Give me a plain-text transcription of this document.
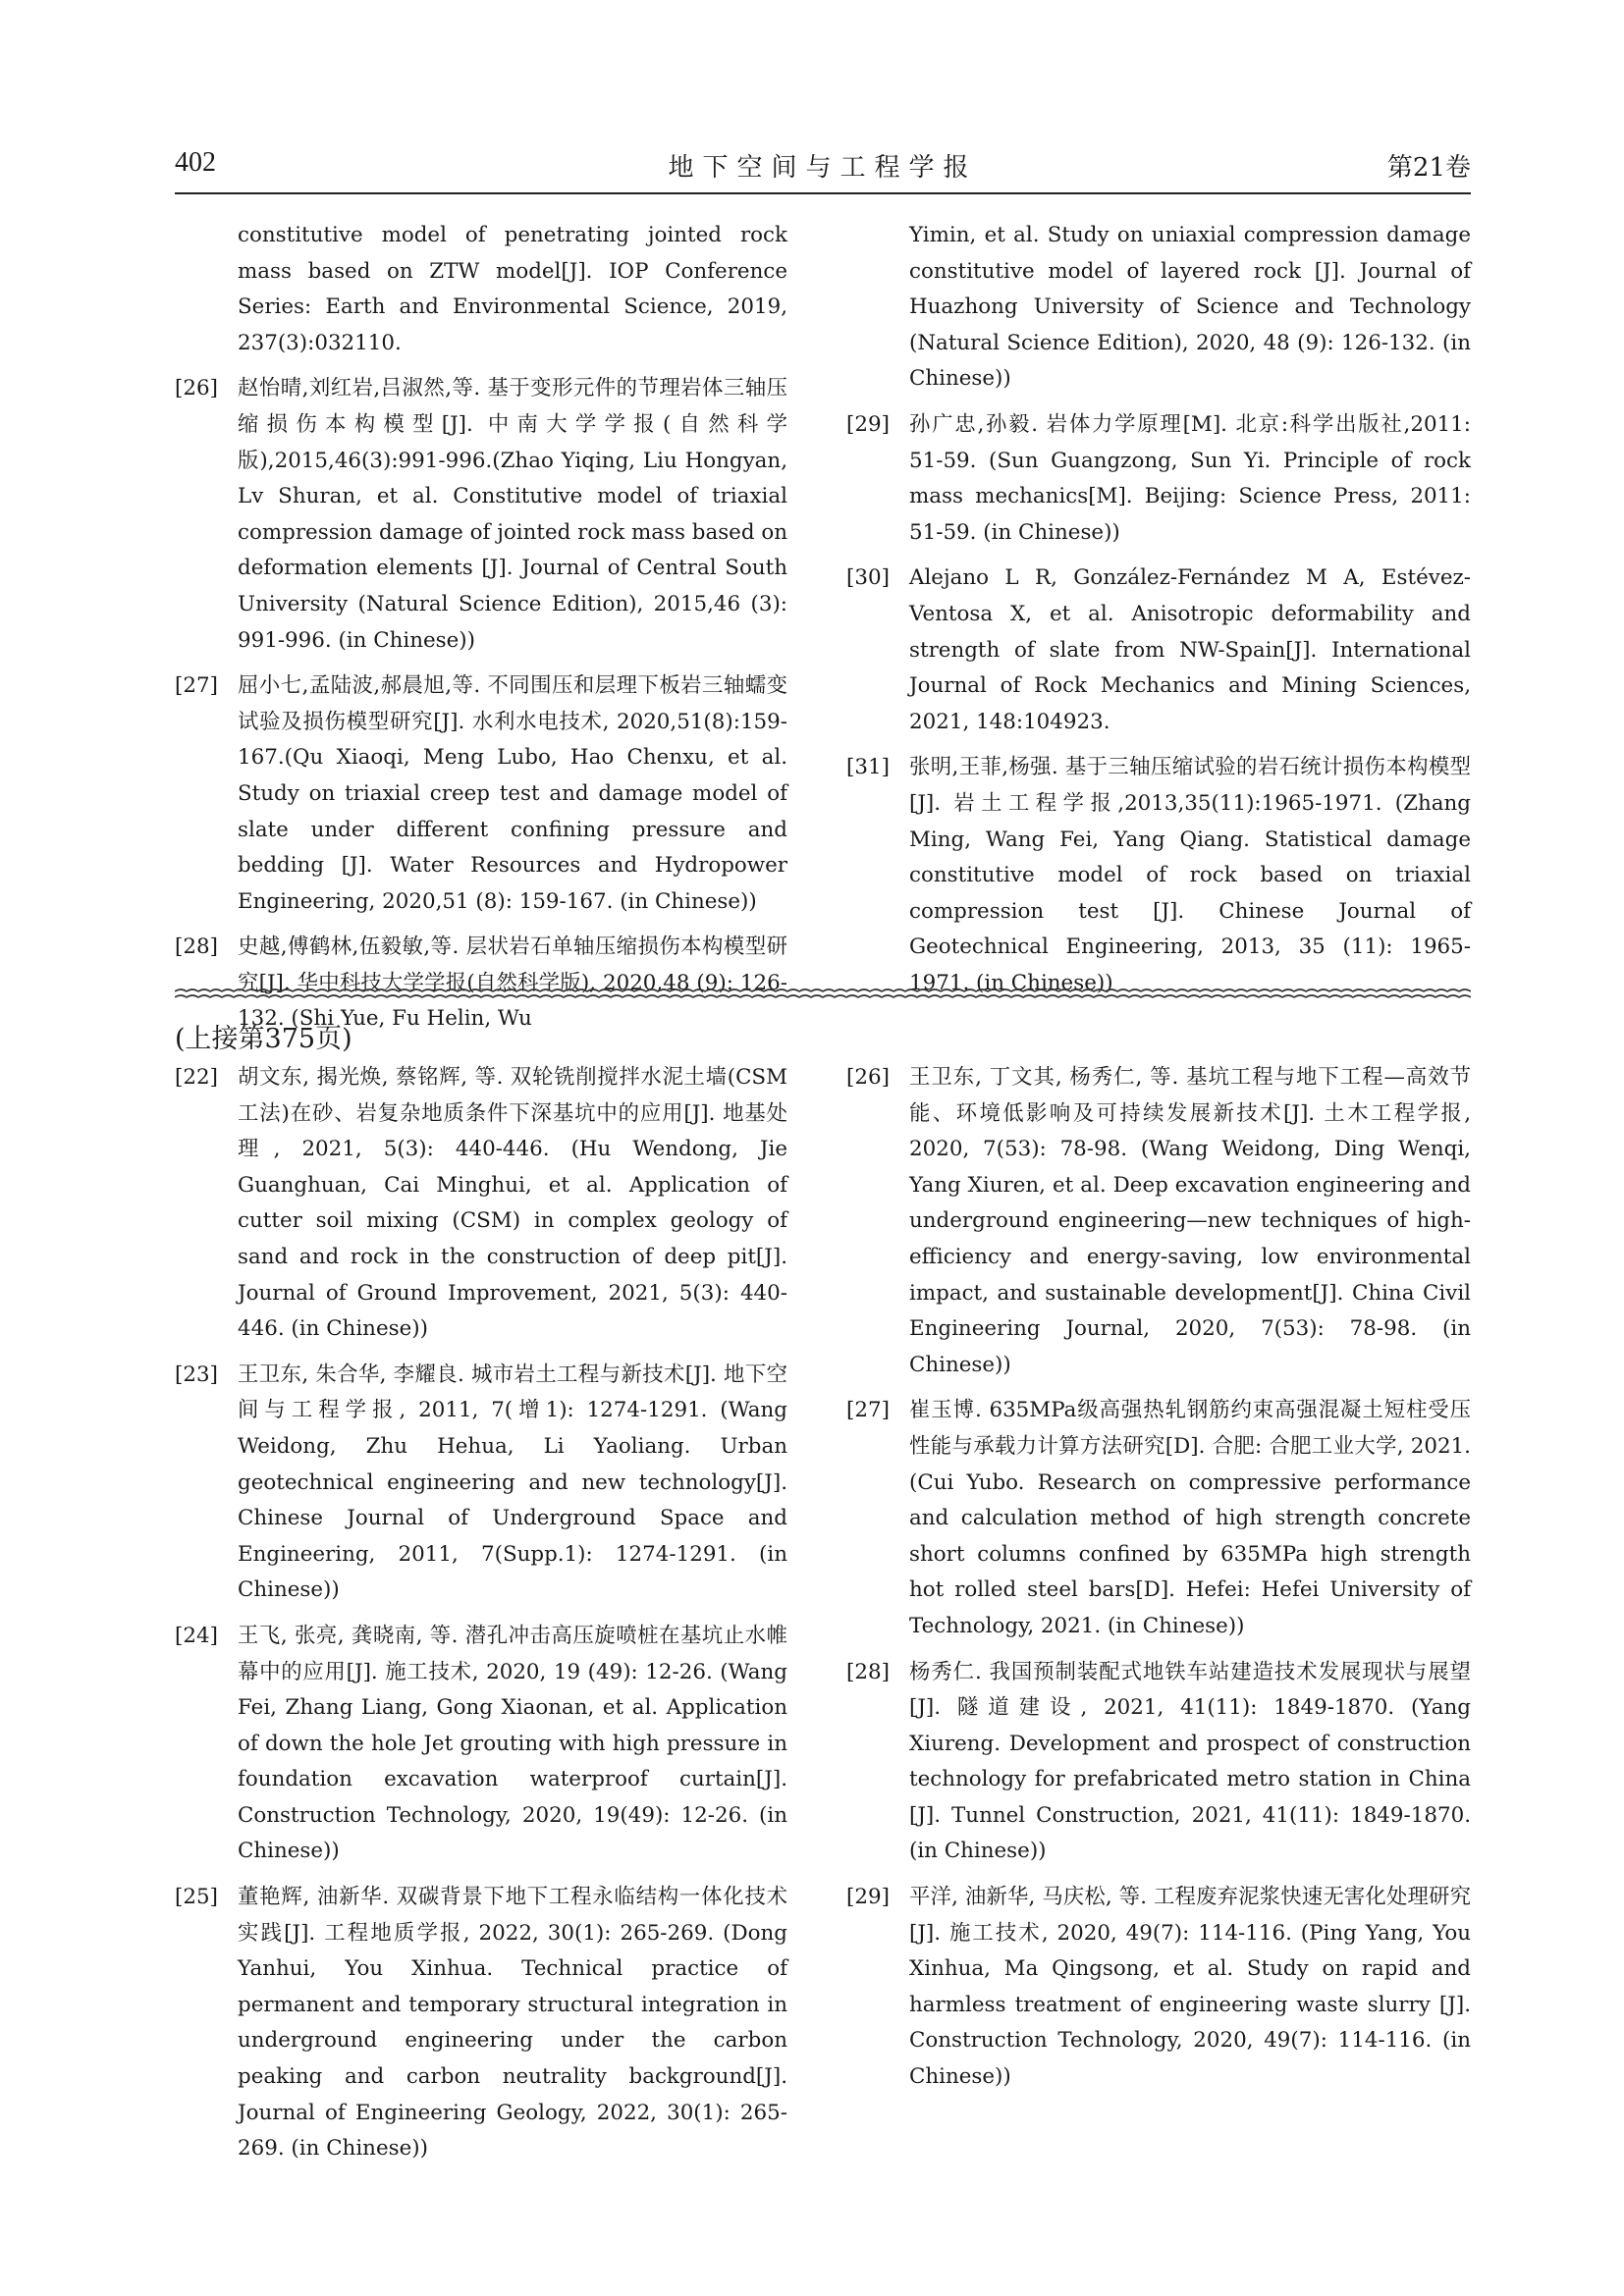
402	地下空间与工程学报	第21卷
constitutive model of penetrating jointed rock mass based on ZTW model[J]. IOP Conference Series: Earth and Environmental Science, 2019, 237(3):032110.
[26] 赵怡晴,刘红岩,吕淑然,等. 基于变形元件的节理岩体三轴压缩损伤本构模型[J]. 中南大学学报(自然科学版),2015,46(3):991-996.(Zhao Yiqing, Liu Hongyan, Lv Shuran, et al. Constitutive model of triaxial compression damage of jointed rock mass based on deformation elements [J]. Journal of Central South University (Natural Science Edition), 2015,46 (3): 991-996. (in Chinese))
[27] 屈小七,孟陆波,郝晨旭,等. 不同围压和层理下板岩三轴蠕变试验及损伤模型研究[J]. 水利水电技术, 2020,51(8):159-167.(Qu Xiaoqi, Meng Lubo, Hao Chenxu, et al. Study on triaxial creep test and damage model of slate under different confining pressure and bedding [J]. Water Resources and Hydropower Engineering, 2020,51 (8): 159-167. (in Chinese))
[28] 史越,傅鹤林,伍毅敏,等. 层状岩石单轴压缩损伤本构模型研究[J]. 华中科技大学学报(自然科学版), 2020,48 (9): 126-132. (Shi Yue, Fu Helin, Wu
Yimin, et al. Study on uniaxial compression damage constitutive model of layered rock [J]. Journal of Huazhong University of Science and Technology (Natural Science Edition), 2020, 48 (9): 126-132. (in Chinese))
[29] 孙广忠,孙毅. 岩体力学原理[M]. 北京:科学出版社,2011: 51-59. (Sun Guangzong, Sun Yi. Principle of rock mass mechanics[M]. Beijing: Science Press, 2011: 51-59. (in Chinese))
[30] Alejano L R, González-Fernández M A, Estévez-Ventosa X, et al. Anisotropic deformability and strength of slate from NW-Spain[J]. International Journal of Rock Mechanics and Mining Sciences, 2021, 148:104923.
[31] 张明,王菲,杨强. 基于三轴压缩试验的岩石统计损伤本构模型[J]. 岩土工程学报,2013,35(11):1965-1971. (Zhang Ming, Wang Fei, Yang Qiang. Statistical damage constitutive model of rock based on triaxial compression test [J]. Chinese Journal of Geotechnical Engineering, 2013, 35 (11): 1965-1971. (in Chinese))
(上接第375页)
[22] 胡文东, 揭光焕, 蔡铭辉, 等. 双轮铣削搅拌水泥土墙(CSM工法)在砂、岩复杂地质条件下深基坑中的应用[J]. 地基处理, 2021, 5(3): 440-446. (Hu Wendong, Jie Guanghuan, Cai Minghui, et al. Application of cutter soil mixing (CSM) in complex geology of sand and rock in the construction of deep pit[J]. Journal of Ground Improvement, 2021, 5(3): 440-446. (in Chinese))
[23] 王卫东, 朱合华, 李耀良. 城市岩土工程与新技术[J]. 地下空间与工程学报, 2011, 7(增1): 1274-1291. (Wang Weidong, Zhu Hehua, Li Yaoliang. Urban geotechnical engineering and new technology[J]. Chinese Journal of Underground Space and Engineering, 2011, 7(Supp.1): 1274-1291. (in Chinese))
[24] 王飞, 张亮, 龚晓南, 等. 潜孔冲击高压旋喷桩在基坑止水帷幕中的应用[J]. 施工技术, 2020, 19 (49): 12-26. (Wang Fei, Zhang Liang, Gong Xiaonan, et al. Application of down the hole Jet grouting with high pressure in foundation excavation waterproof curtain[J]. Construction Technology, 2020, 19(49): 12-26. (in Chinese))
[25] 董艳辉, 油新华. 双碳背景下地下工程永临结构一体化技术实践[J]. 工程地质学报, 2022, 30(1): 265-269. (Dong Yanhui, You Xinhua. Technical practice of permanent and temporary structural integration in underground engineering under the carbon peaking and carbon neutrality background[J]. Journal of Engineering Geology, 2022, 30(1): 265-269. (in Chinese))
[26] 王卫东, 丁文其, 杨秀仁, 等. 基坑工程与地下工程—高效节能、环境低影响及可持续发展新技术[J]. 土木工程学报, 2020, 7(53): 78-98. (Wang Weidong, Ding Wenqi, Yang Xiuren, et al. Deep excavation engineering and underground engineering—new techniques of high-efficiency and energy-saving, low environmental impact, and sustainable development[J]. China Civil Engineering Journal, 2020, 7(53): 78-98. (in Chinese))
[27] 崔玉博. 635MPa级高强热轧钢筋约束高强混凝土短柱受压性能与承载力计算方法研究[D]. 合肥: 合肥工业大学, 2021. (Cui Yubo. Research on compressive performance and calculation method of high strength concrete short columns confined by 635MPa high strength hot rolled steel bars[D]. Hefei: Hefei University of Technology, 2021. (in Chinese))
[28] 杨秀仁. 我国预制装配式地铁车站建造技术发展现状与展望[J]. 隧道建设, 2021, 41(11): 1849-1870. (Yang Xiureng. Development and prospect of construction technology for prefabricated metro station in China [J]. Tunnel Construction, 2021, 41(11): 1849-1870. (in Chinese))
[29] 平洋, 油新华, 马庆松, 等. 工程废弃泥浆快速无害化处理研究[J]. 施工技术, 2020, 49(7): 114-116. (Ping Yang, You Xinhua, Ma Qingsong, et al. Study on rapid and harmless treatment of engineering waste slurry [J]. Construction Technology, 2020, 49(7): 114-116. (in Chinese))
